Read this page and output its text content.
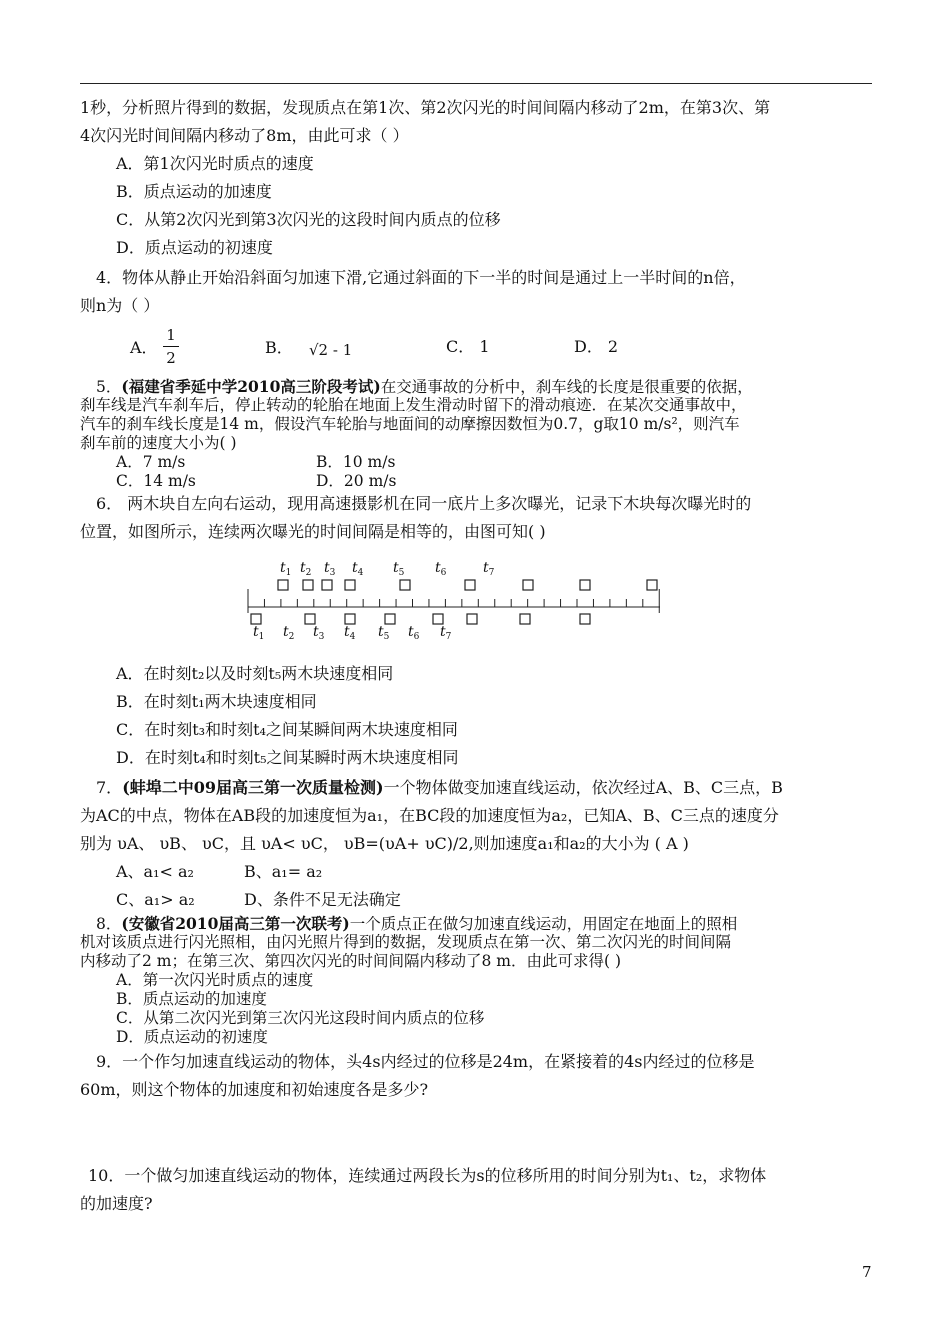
1秒，分析照片得到的数据，发现质点在第1次、第2次闪光的时间间隔内移动了2m，在第3次、第
4次闪光时间间隔内移动了8m，由此可求（ ）
A．第1次闪光时质点的速度
B．质点运动的加速度
C．从第2次闪光到第3次闪光的这段时间内质点的位移
D．质点运动的初速度
4．物体从静止开始沿斜面匀加速下滑,它通过斜面的下一半的时间是通过上一半时间的n倍，
则n为（ ）
A．
1
2
B． √2 - 1	C． 1	D． 2
5．(福建省季延中学2010高三阶段考试)在交通事故的分析中，刹车线的长度是很重要的依据，
刹车线是汽车刹车后，停止转动的轮胎在地面上发生滑动时留下的滑动痕迹．在某次交通事故中，
汽车的刹车线长度是14 m，假设汽车轮胎与地面间的动摩擦因数恒为0.7，g取10 m/s²，则汽车
刹车前的速度大小为( )
A．7 m/s	B．10 m/s
C．14 m/s	D．20 m/s
6． 两木块自左向右运动，现用高速摄影机在同一底片上多次曝光，记录下木块每次曝光时的
位置，如图所示，连续两次曝光的时间间隔是相等的，由图可知( )
$t_1$ $t_2$ $t_3$ $t_4$ $t_5$ $t_6$	$t_7$
$t_1$ $t_2$ $t_3$ $t_4$ $t_5$ $t_6$ $t_7$
A．在时刻t₂以及时刻t₅两木块速度相同
B．在时刻t₁两木块速度相同
C．在时刻t₃和时刻t₄之间某瞬间两木块速度相同
D．在时刻t₄和时刻t₅之间某瞬时两木块速度相同
7．(蚌埠二中09届高三第一次质量检测)一个物体做变加速直线运动，依次经过A、B、C三点，B
为AC的中点，物体在AB段的加速度恒为a₁，在BC段的加速度恒为a₂，已知A、B、C三点的速度分
别为 υA、 υB、 υC，且 υA< υC， υB=(υA+ υC)/2,则加速度a₁和a₂的大小为 ( A )
A、a₁< a₂	B、a₁= a₂
C、a₁> a₂	D、条件不足无法确定
8．(安徽省2010届高三第一次联考)一个质点正在做匀加速直线运动，用固定在地面上的照相
机对该质点进行闪光照相，由闪光照片得到的数据，发现质点在第一次、第二次闪光的时间间隔
内移动了2 m；在第三次、第四次闪光的时间间隔内移动了8 m．由此可求得( )
A．第一次闪光时质点的速度
B．质点运动的加速度
C．从第二次闪光到第三次闪光这段时间内质点的位移
D．质点运动的初速度
9．一个作匀加速直线运动的物体，头4s内经过的位移是24m，在紧接着的4s内经过的位移是
60m，则这个物体的加速度和初始速度各是多少?
10．一个做匀加速直线运动的物体，连续通过两段长为s的位移所用的时间分别为t₁、t₂，求物体
的加速度?
7
